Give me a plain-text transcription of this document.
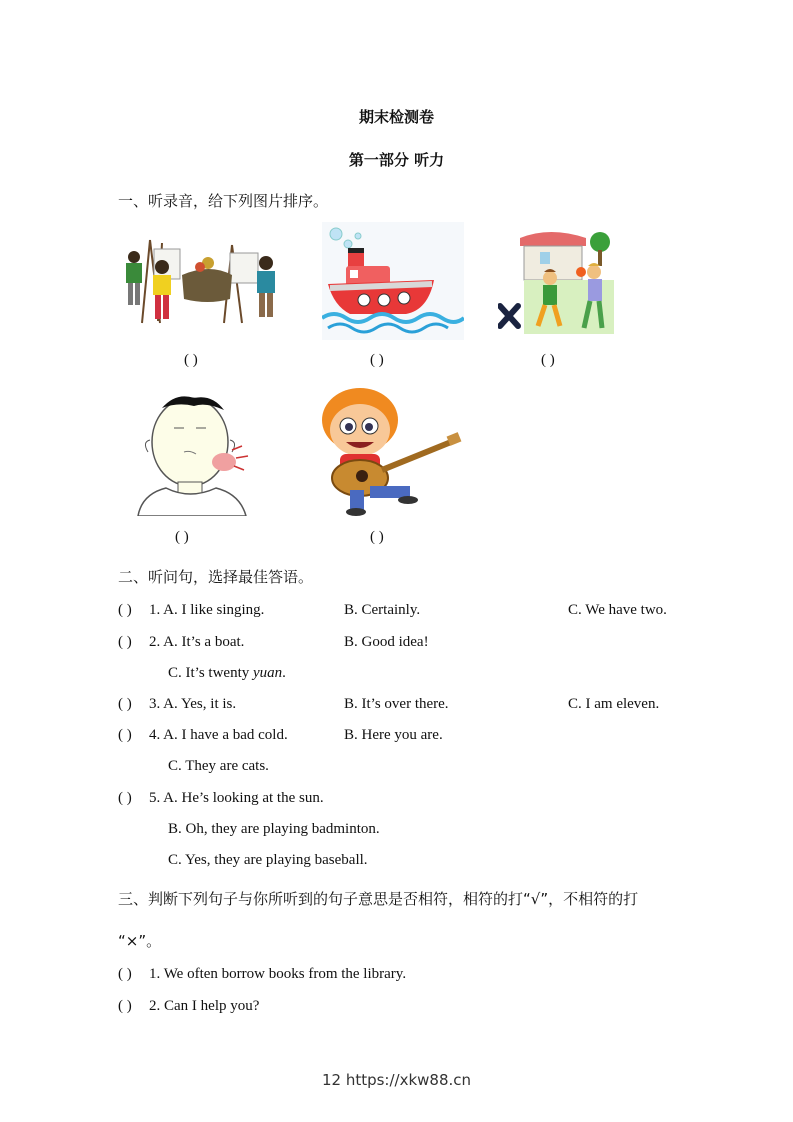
期末检测卷
第一部分 听力
一、听录音，给下列图片排序。
( )	( )	( )
( )	( )
二、听问句，选择最佳答语。
( ) 1. A. I like singing.	B. Certainly.	C. We have two.
( ) 2. A. It’s a boat.	B. Good idea!
C. It’s twenty yuan.
( ) 3. A. Yes, it is.	B. It’s over there.	C. I am eleven.
( ) 4. A. I have a bad cold.	B. Here you are.
C. They are cats.
( ) 5. A. He’s looking at the sun.
B. Oh, they are playing badminton.
C. Yes, they are playing baseball.
三、判断下列句子与你所听到的句子意思是否相符，相符的打“√”，不相符的打
“×”。
( ) 1. We often borrow books from the library.
( ) 2. Can I help you?
12 https://xkw88.cn
